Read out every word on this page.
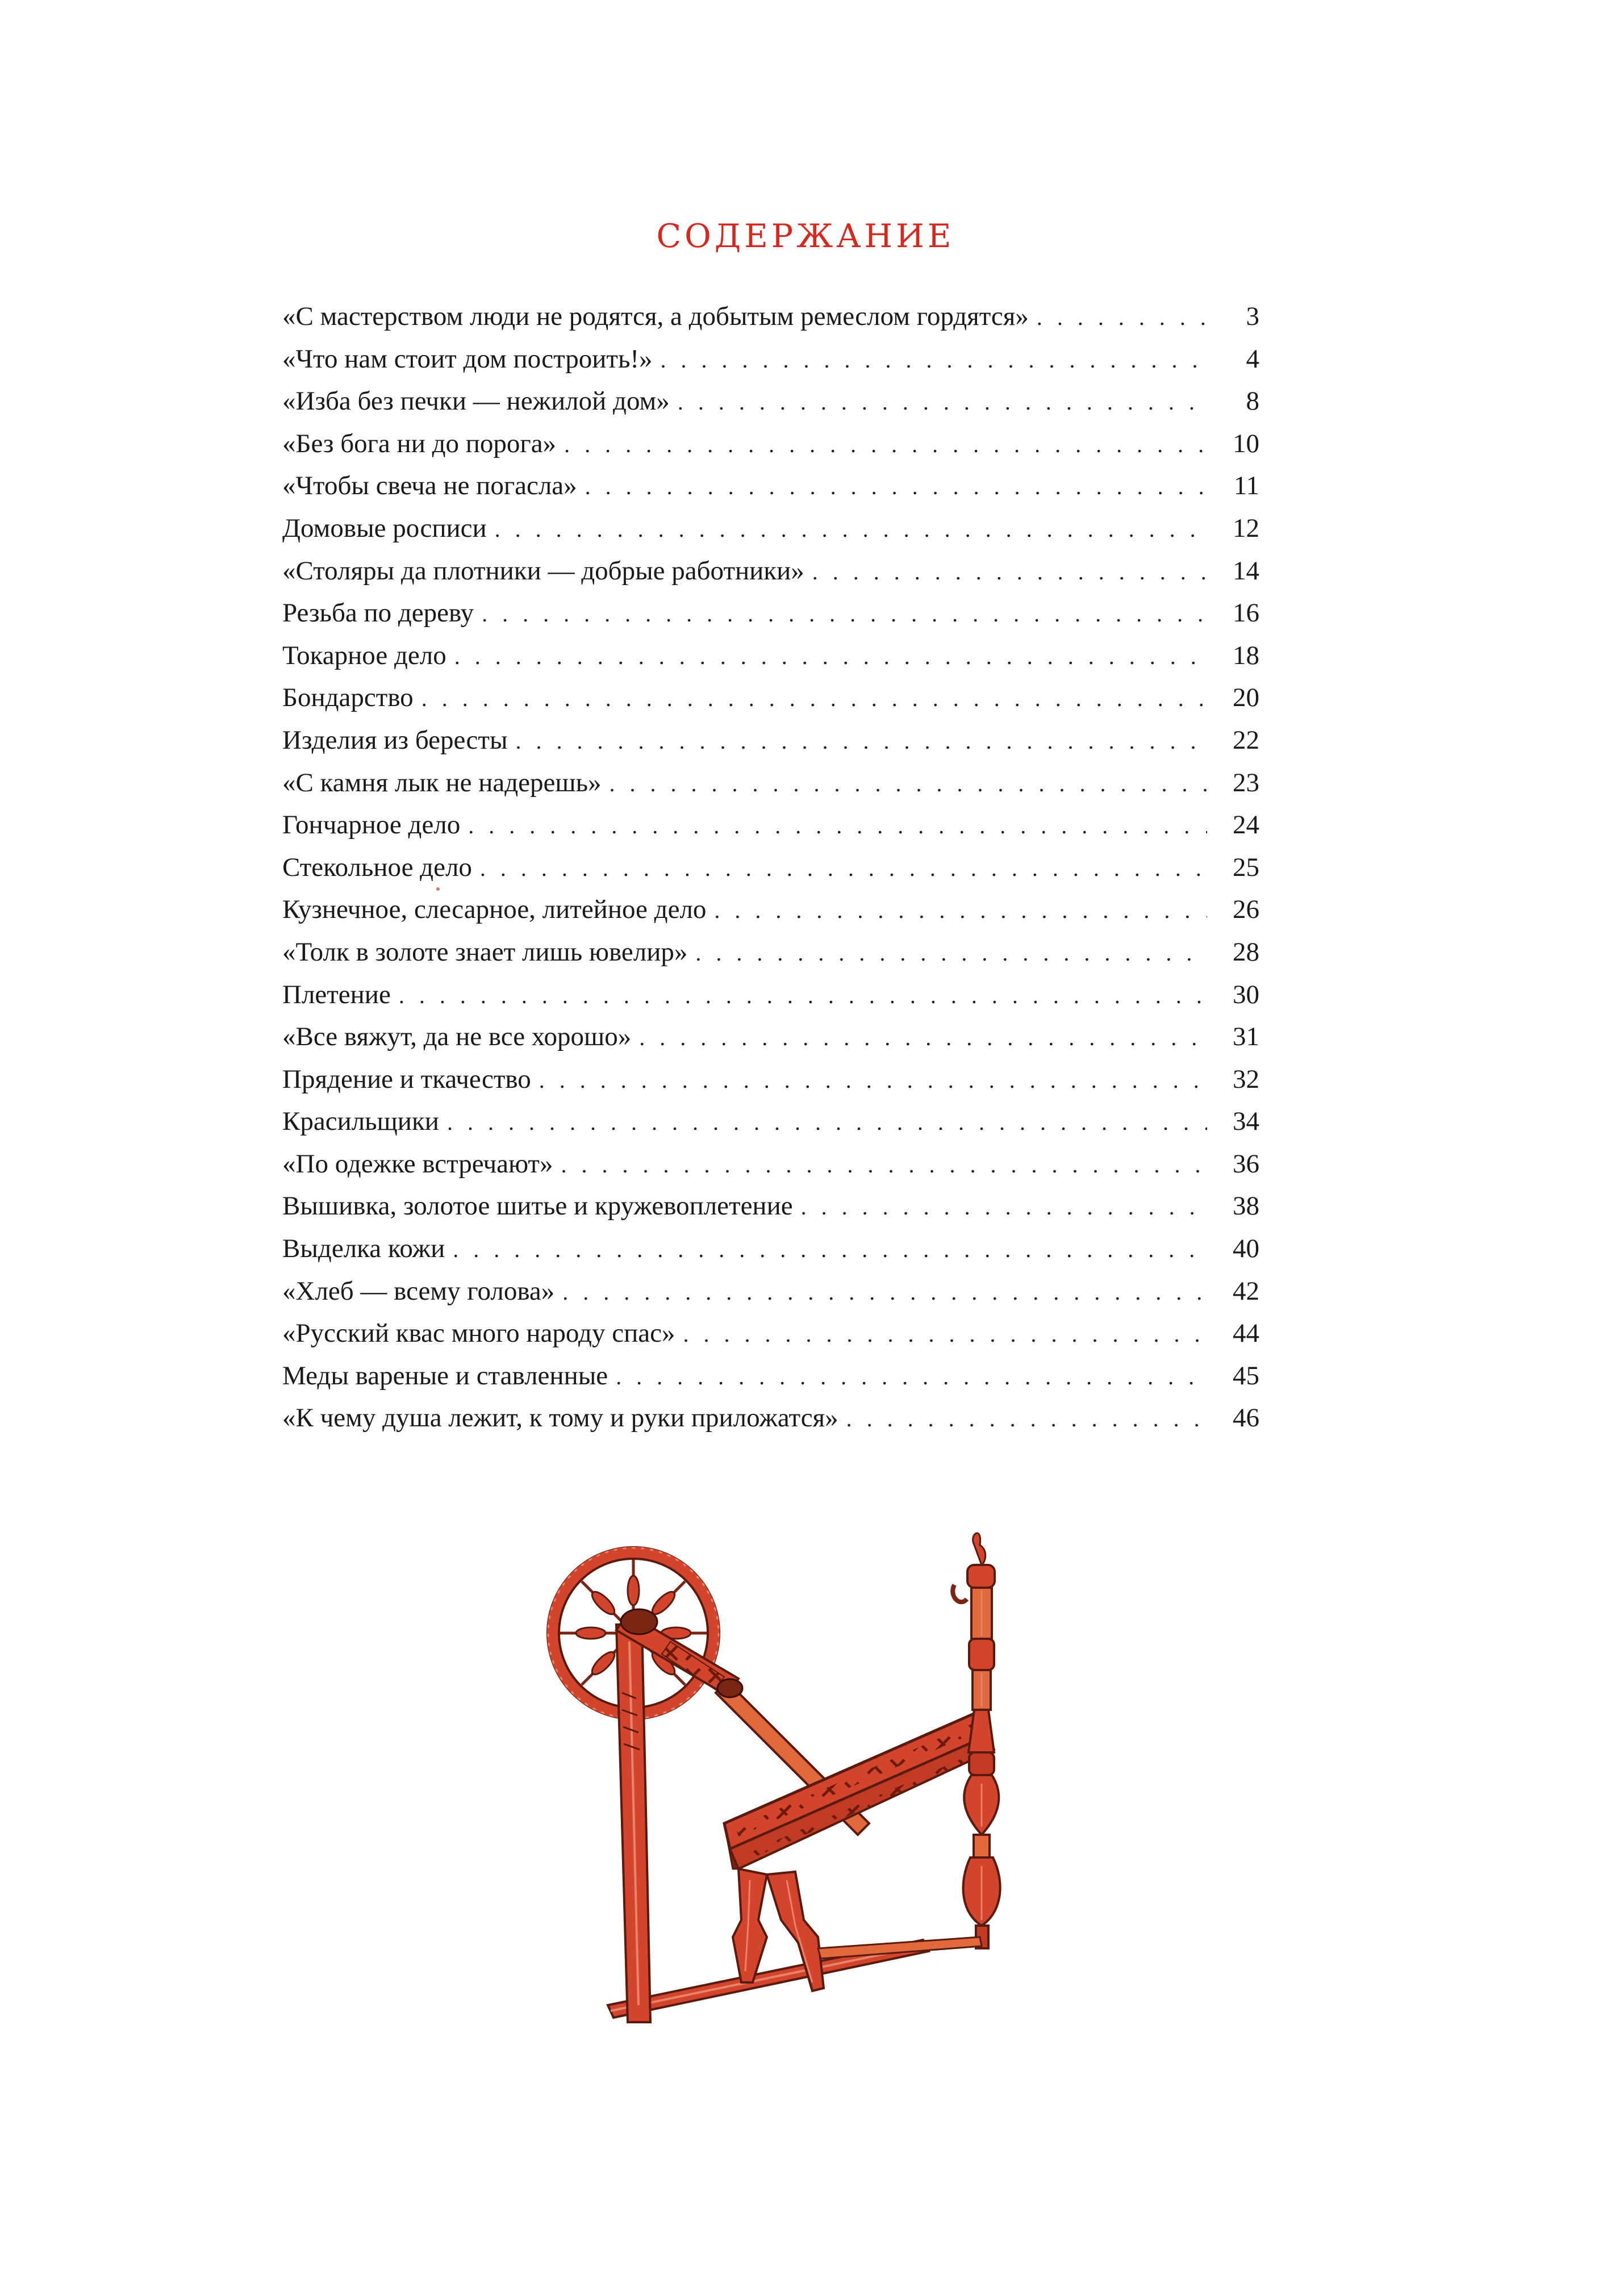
содержание
«С мастерством люди не родятся, а добытым ремеслом гордятся» . . .	3
«Что нам стоит дом построить!» . . .	4
«Изба без печки — нежилой дом» . . .	8
«Без бога ни до порога» . . .	10
«Чтобы свеча не погасла» . . .	11
Домовые росписи . . .	12
«Столяры да плотники — добрые работники» . . .	14
Резьба по дереву . . .	16
Токарное дело . . .	18
Бондарство . . .	20
Изделия из бересты . . .	22
«С камня лык не надерешь» . . .	23
Гончарное дело . . .	24
Стекольное дело . . .	25
Кузнечное, слесарное, литейное дело . . .	26
«Толк в золоте знает лишь ювелир» . . .	28
Плетение . . .	30
«Все вяжут, да не все хорошо» . . .	31
Прядение и ткачество . . .	32
Красильщики . . .	34
«По одежке встречают» . . .	36
Вышивка, золотое шитье и кружевоплетение . . .	38
Выделка кожи . . .	40
«Хлеб — всему голова» . . .	42
«Русский квас много народу спас» . . .	44
Меды вареные и ставленные . . .	45
«К чему душа лежит, к тому и руки приложатся» . . .	46
